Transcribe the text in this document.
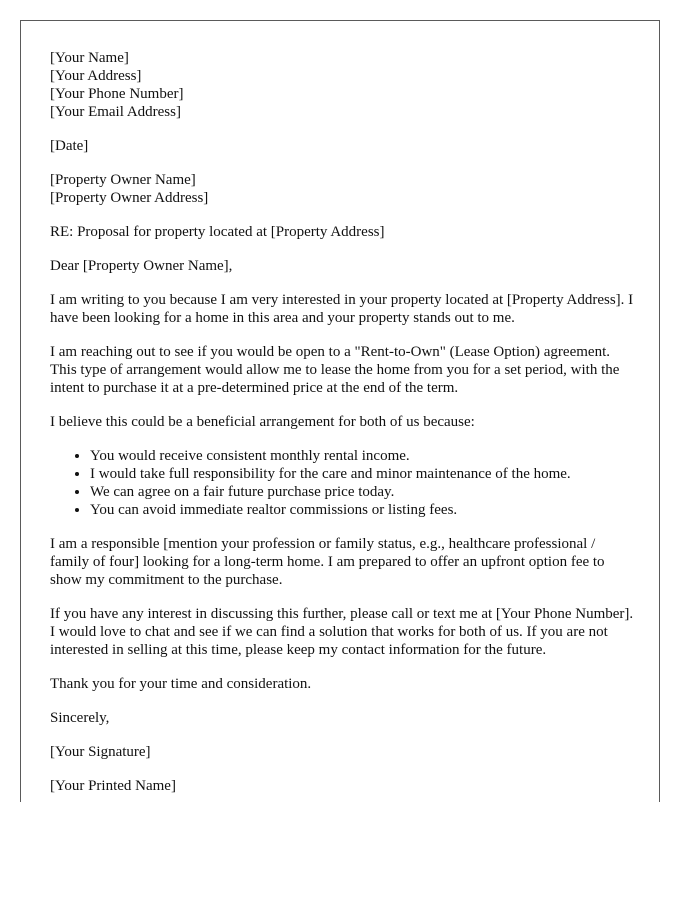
[Your Name]
[Your Address]
[Your Phone Number]
[Your Email Address]

[Date]

[Property Owner Name]
[Property Owner Address]

RE: Proposal for property located at [Property Address]

Dear [Property Owner Name],

I am writing to you because I am very interested in your property located at [Property Address]. I have been looking for a home in this area and your property stands out to me.

I am reaching out to see if you would be open to a "Rent-to-Own" (Lease Option) agreement. This type of arrangement would allow me to lease the home from you for a set period, with the intent to purchase it at a pre-determined price at the end of the term.

I believe this could be a beneficial arrangement for both of us because:

• You would receive consistent monthly rental income.
• I would take full responsibility for the care and minor maintenance of the home.
• We can agree on a fair future purchase price today.
• You can avoid immediate realtor commissions or listing fees.

I am a responsible [mention your profession or family status, e.g., healthcare professional / family of four] looking for a long-term home. I am prepared to offer an upfront option fee to show my commitment to the purchase.

If you have any interest in discussing this further, please call or text me at [Your Phone Number]. I would love to chat and see if we can find a solution that works for both of us. If you are not interested in selling at this time, please keep my contact information for the future.

Thank you for your time and consideration.

Sincerely,

[Your Signature]

[Your Printed Name]
